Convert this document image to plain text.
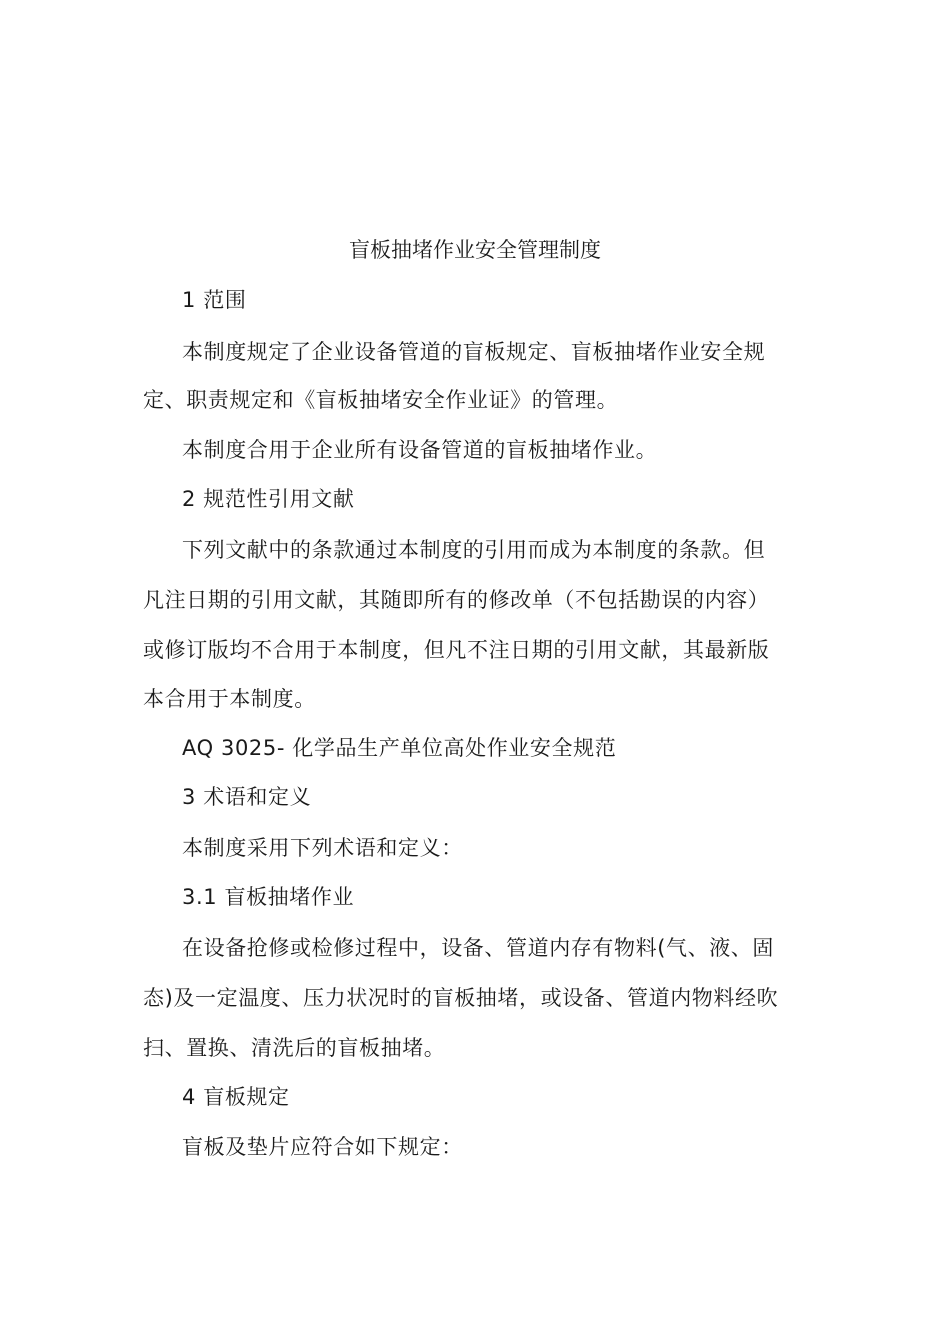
盲板抽堵作业安全管理制度
1 范围
本制度规定了企业设备管道的盲板规定、盲板抽堵作业安全规
定、职责规定和《盲板抽堵安全作业证》的管理。
本制度合用于企业所有设备管道的盲板抽堵作业。
2 规范性引用文献
下列文献中的条款通过本制度的引用而成为本制度的条款。但
凡注日期的引用文献，其随即所有的修改单（不包括勘误的内容）
或修订版均不合用于本制度，但凡不注日期的引用文献，其最新版
本合用于本制度。
AQ 3025- 化学品生产单位高处作业安全规范
3 术语和定义
本制度采用下列术语和定义：
3.1 盲板抽堵作业
在设备抢修或检修过程中，设备、管道内存有物料(气、液、固
态)及一定温度、压力状况时的盲板抽堵，或设备、管道内物料经吹
扫、置换、清洗后的盲板抽堵。
4 盲板规定
盲板及垫片应符合如下规定：
